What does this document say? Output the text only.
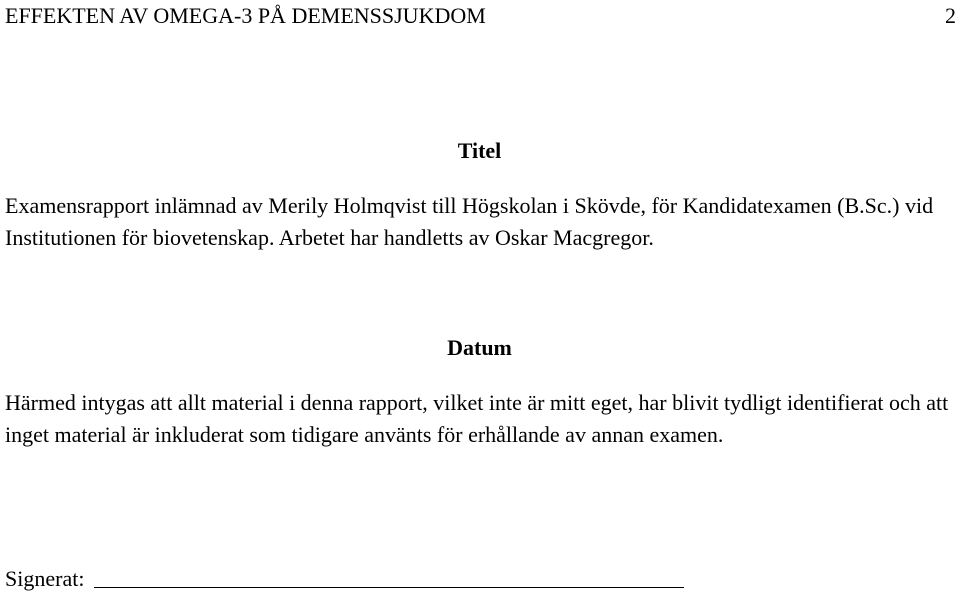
EFFEKTEN AV OMEGA-3 PÅ DEMENSSJUKDOM	2
Titel
Examensrapport inlämnad av Merily Holmqvist till Högskolan i Skövde, för Kandidatexamen (B.Sc.) vid Institutionen för biovetenskap. Arbetet har handletts av Oskar Macgregor.
Datum
Härmed intygas att allt material i denna rapport, vilket inte är mitt eget, har blivit tydligt identifierat och att inget material är inkluderat som tidigare använts för erhållande av annan examen.
Signerat:
